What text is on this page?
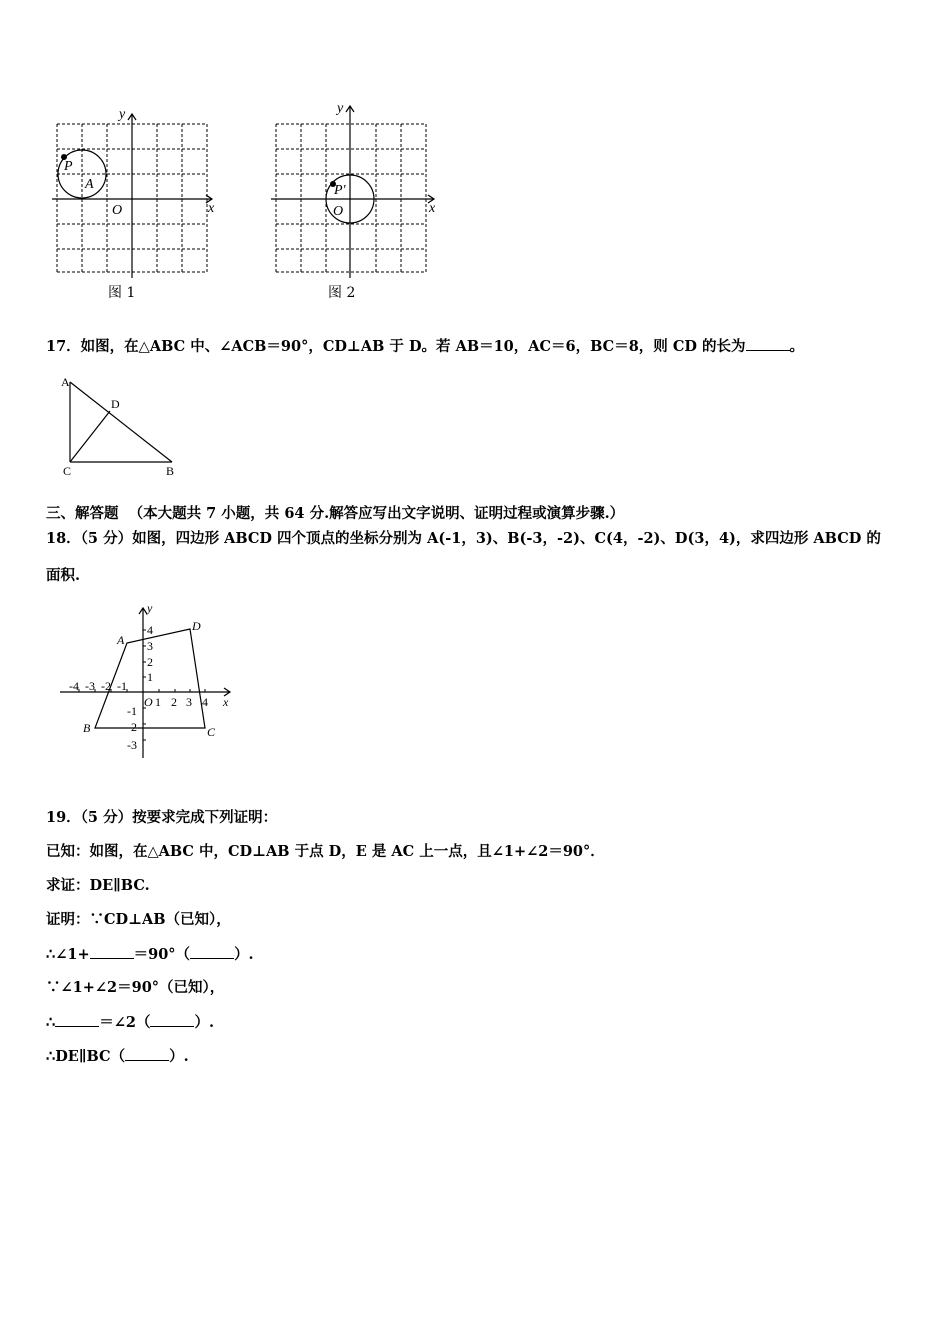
y
x
O
P
A
图 1
y
x
O
P'
图 2
17．如图，在△ABC 中、∠ACB＝90°，CD⊥AB 于 D。若 AB＝10，AC＝6，BC＝8，则 CD 的长为	。
A
D
C	B
三、解答题 （本大题共 7 小题，共 64 分.解答应写出文字说明、证明过程或演算步骤.）
18．（5 分）如图，四边形 ABCD 四个顶点的坐标分别为 A(-1，3)、B(-3，-2)、C(4，-2)、D(3，4)，求四边形 ABCD 的
面积.
y
x
O
A
B	C
D
-4 -3 -2 -1
1 2 3 4
1
2
3
4
-1
-2
-3
19．（5 分）按要求完成下列证明：
已知：如图，在△ABC 中，CD⊥AB 于点 D，E 是 AC 上一点，且∠1+∠2＝90°．
求证：DE∥BC.
证明：∵CD⊥AB（已知），
∴∠1+	＝90°（	）.
∵∠1+∠2＝90°（已知），
∴	＝∠2（	）.
∴DE∥BC（	）.
